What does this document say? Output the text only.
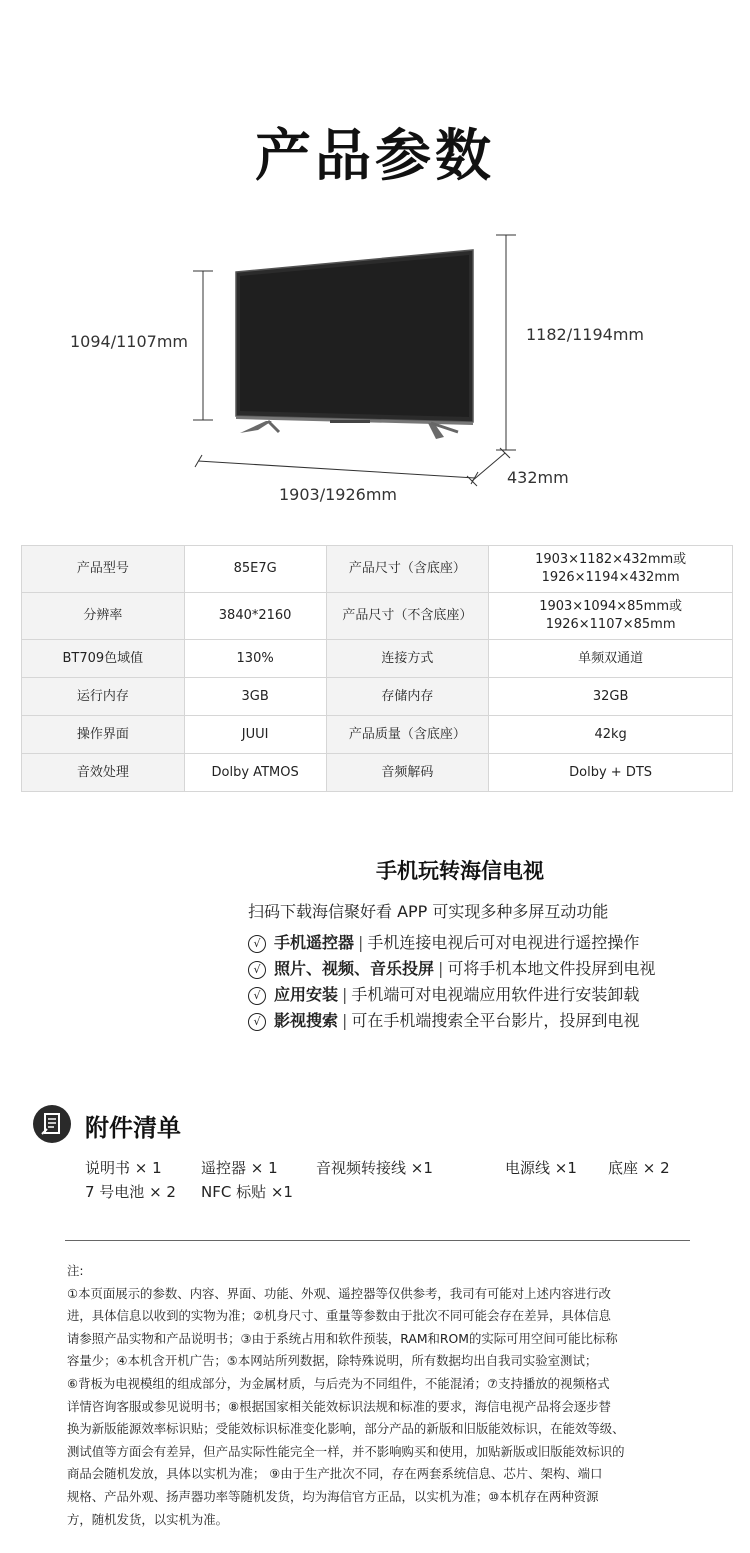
产品参数
1094/1107mm	1182/1194mm
1903/1926mm
432mm
产品型号	85E7G	产品尺寸（含底座）	1903×1182×432mm或
1926×1194×432mm
分辨率	3840*2160	产品尺寸（不含底座）	1903×1094×85mm或
1926×1107×85mm
BT709色域值	130%	连接方式	单频双通道
运行内存	3GB	存储内存	32GB
操作界面	JUUI	产品质量（含底座）	42kg
音效处理	Dolby ATMOS	音频解码	Dolby + DTS
手机玩转海信电视
扫码下载海信聚好看 APP 可实现多种多屏互动功能
√ 手机遥控器 | 手机连接电视后可对电视进行遥控操作
√ 照片、视频、音乐投屏 | 可将手机本地文件投屏到电视
√ 应用安装 | 手机端可对电视端应用软件进行安装卸载
√ 影视搜索 | 可在手机端搜索全平台影片，投屏到电视
附件清单
说明书 × 1	遥控器 × 1	音视频转接线 ×1	电源线 ×1 底座 × 2
7 号电池 × 2 NFC 标贴 ×1

注:

①本页面展示的参数、内容、界面、功能、外观、遥控器等仅供参考，我司有可能对上述内容进行改

进，具体信息以收到的实物为准；②机身尺寸、重量等参数由于批次不同可能会存在差异，具体信息

请参照产品实物和产品说明书；③由于系统占用和软件预装，RAM和ROM的实际可用空间可能比标称

容量少；④本机含开机广告；⑤本网站所列数据，除特殊说明，所有数据均出自我司实验室测试；

⑥背板为电视模组的组成部分，为金属材质，与后壳为不同组件，不能混淆；⑦支持播放的视频格式

详情咨询客服或参见说明书；⑧根据国家相关能效标识法规和标准的要求，海信电视产品将会逐步替

换为新版能源效率标识贴；受能效标识标准变化影响，部分产品的新版和旧版能效标识，在能效等级、

测试值等方面会有差异，但产品实际性能完全一样，并不影响购买和使用，加贴新版或旧版能效标识的

商品会随机发放，具体以实机为准； ⑨由于生产批次不同，存在两套系统信息、芯片、架构、端口

规格、产品外观、扬声器功率等随机发货，均为海信官方正品，以实机为准；⑩本机存在两种资源

方，随机发货，以实机为准。
